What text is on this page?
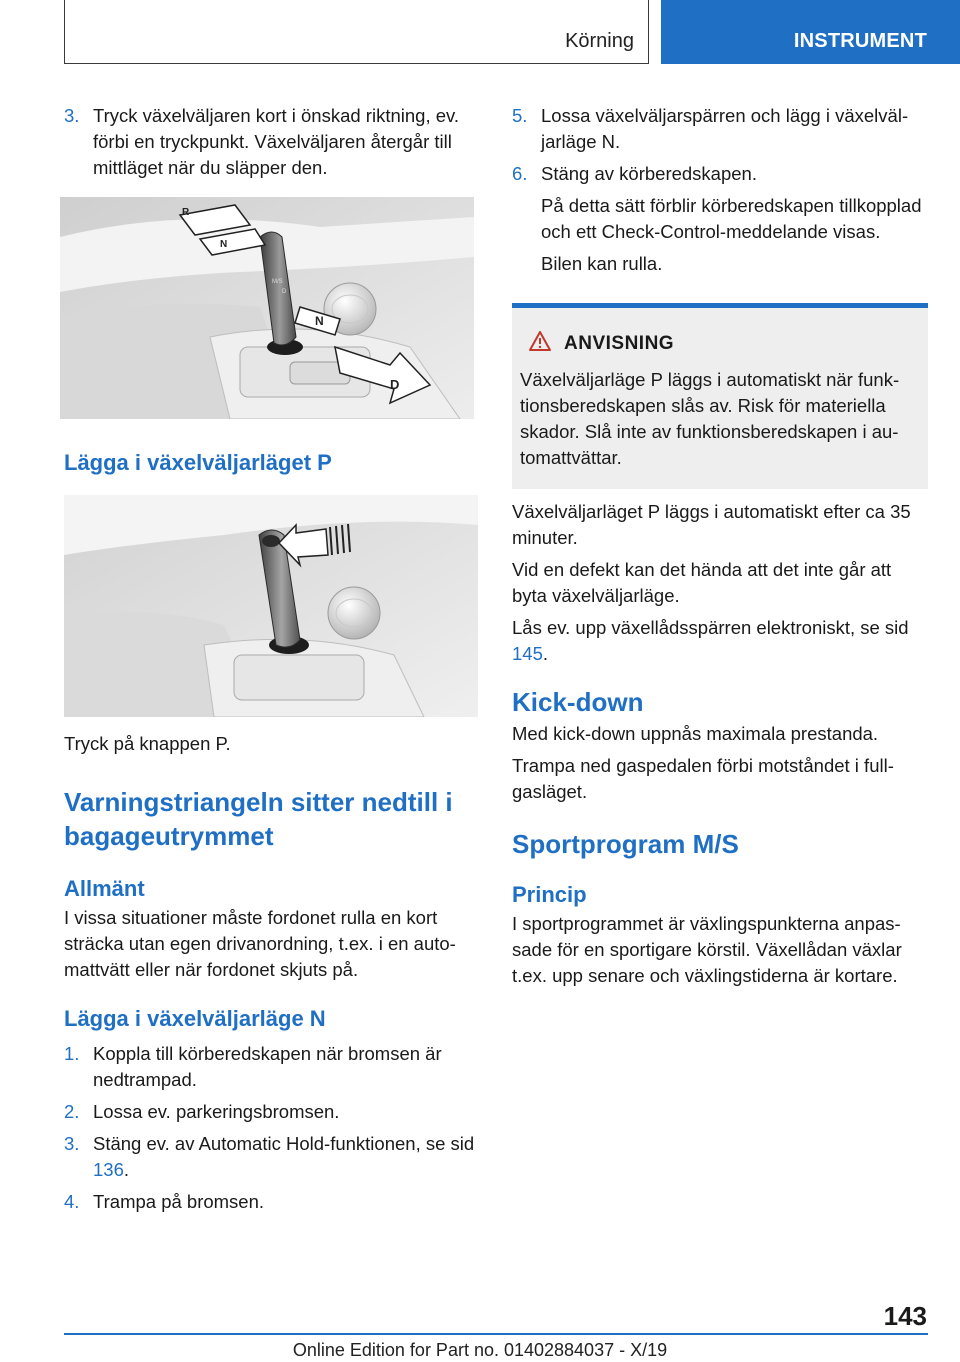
Körning	INSTRUMENT
3. Tryck växelväljaren kort i önskad riktning, ev. förbi en tryckpunkt. Växelväljaren återgår till mittläget när du släpper den.
M/S
D
R
N
N
D
Lägga i växelväljarläget P

Tryck på knappen P.

Varningstriangeln sitter nedtill i bagageutrymmet
Allmänt

I vissa situationer måste fordonet rulla en kort sträcka utan egen drivanordning, t.ex. i en automattvätt eller när fordonet skjuts på.

Lägga i växelväljarläge N
1. Koppla till körberedskapen när bromsen är nedtrampad.
2. Lossa ev. parkeringsbromsen.
3. Stäng ev. av Automatic Hold-funktionen, se sid 136.
4. Trampa på bromsen.
5. Lossa växelväljarspärren och lägg i växelväljarläge N.
6. Stäng av körberedskapen.

På detta sätt förblir körberedskapen tillkopplad och ett Check-Control-meddelande visas.

Bilen kan rulla.

ANVISNING

Växelväljarläge P läggs i automatiskt när funktionsberedskapen slås av. Risk för materiella skador. Slå inte av funktionsberedskapen i automattvättar.

Växelväljarläget P läggs i automatiskt efter ca 35 minuter.

Vid en defekt kan det hända att det inte går att byta växelväljarläge.

Lås ev. upp växellådsspärren elektroniskt, se sid 145.

Kick-down

Med kick-down uppnås maximala prestanda.

Trampa ned gaspedalen förbi motståndet i fullgasläget.

Sportprogram M/S
Princip

I sportprogrammet är växlingspunkterna anpassade för en sportigare körstil. Växellådan växlar t.ex. upp senare och växlingstiderna är kortare.

143
Online Edition for Part no. 01402884037 - X/19
